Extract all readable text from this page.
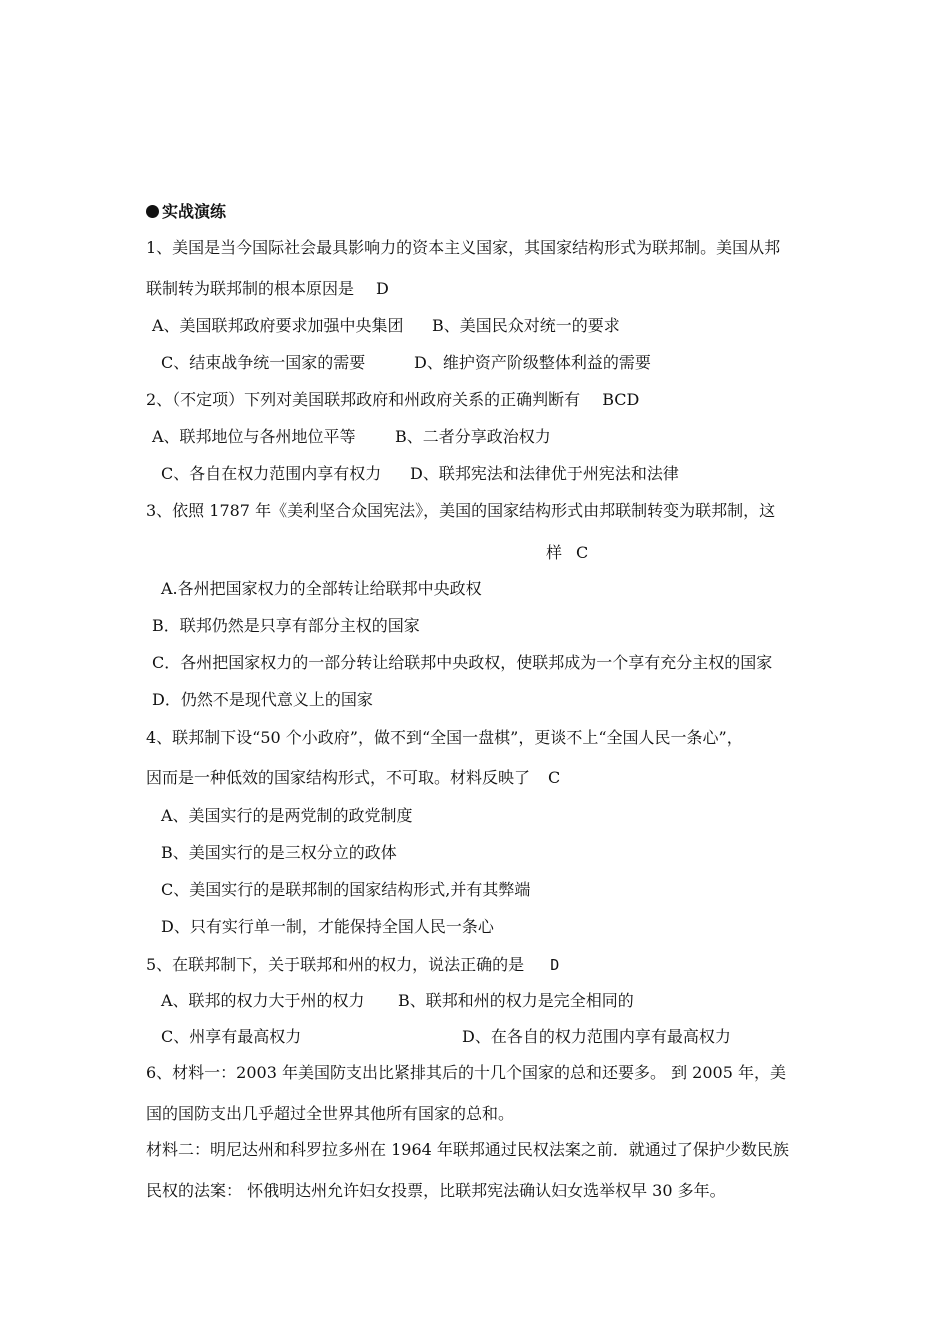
实战演练
1、美国是当今国际社会最具影响力的资本主义国家，其国家结构形式为联邦制。美国从邦
联制转为联邦制的根本原因是 D
A、美国联邦政府要求加强中央集团 B、美国民众对统一的要求
C、结束战争统一国家的需要	D、维护资产阶级整体利益的需要
2、（不定项）下列对美国联邦政府和州政府关系的正确判断有 BCD
A、联邦地位与各州地位平等 B、二者分享政治权力
C、各自在权力范围内享有权力 D、联邦宪法和法律优于州宪法和法律
3、依照 1787 年《美利坚合众国宪法》，美国的国家结构形式由邦联制转变为联邦制，这
样 C
A.各州把国家权力的全部转让给联邦中央政权
B．联邦仍然是只享有部分主权的国家
C．各州把国家权力的一部分转让给联邦中央政权，使联邦成为一个享有充分主权的国家
D．仍然不是现代意义上的国家
4、联邦制下设“50 个小政府”，做不到“全国一盘棋”，更谈不上“全国人民一条心”，
因而是一种低效的国家结构形式，不可取。材料反映了 C
A、美国实行的是两党制的政党制度
B、美国实行的是三权分立的政体
C、美国实行的是联邦制的国家结构形式,并有其弊端
D、只有实行单一制，才能保持全国人民一条心
5、在联邦制下，关于联邦和州的权力，说法正确的是 D
A、联邦的权力大于州的权力 B、联邦和州的权力是完全相同的
C、州享有最高权力	D、在各自的权力范围内享有最高权力
6、材料一：2003 年美国防支出比紧排其后的十几个国家的总和还要多。 到 2005 年，美
国的国防支出几乎超过全世界其他所有国家的总和。
材料二：明尼达州和科罗拉多州在 1964 年联邦通过民权法案之前．就通过了保护少数民族
民权的法案： 怀俄明达州允许妇女投票，比联邦宪法确认妇女选举权早 30 多年。
